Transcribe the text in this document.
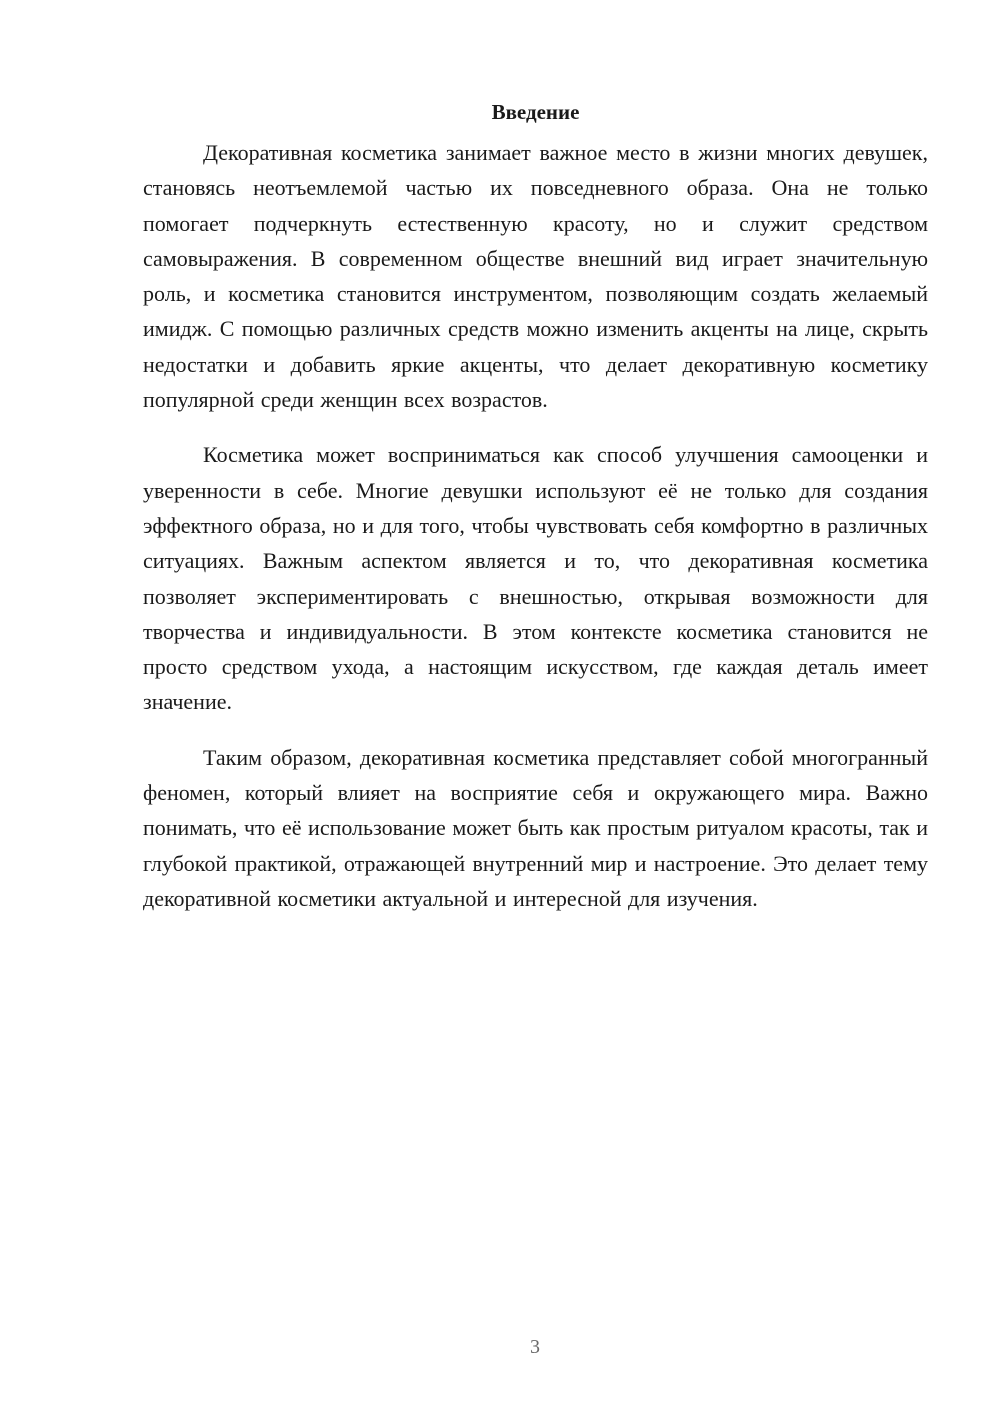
Введение

Декоративная косметика занимает важное место в жизни многих девушек, становясь неотъемлемой частью их повседневного образа. Она не только помогает подчеркнуть естественную красоту, но и служит средством самовыражения. В современном обществе внешний вид играет значительную роль, и косметика становится инструментом, позволяющим создать желаемый имидж. С помощью различных средств можно изменить акценты на лице, скрыть недостатки и добавить яркие акценты, что делает декоративную косметику популярной среди женщин всех возрастов.

Косметика может восприниматься как способ улучшения самооценки и уверенности в себе. Многие девушки используют её не только для создания эффектного образа, но и для того, чтобы чувствовать себя комфортно в различных ситуациях. Важным аспектом является и то, что декоративная косметика позволяет экспериментировать с внешностью, открывая возможности для творчества и индивидуальности. В этом контексте косметика становится не просто средством ухода, а настоящим искусством, где каждая деталь имеет значение.

Таким образом, декоративная косметика представляет собой многогранный феномен, который влияет на восприятие себя и окружающего мира. Важно понимать, что её использование может быть как простым ритуалом красоты, так и глубокой практикой, отражающей внутренний мир и настроение. Это делает тему декоративной косметики актуальной и интересной для изучения.

3
